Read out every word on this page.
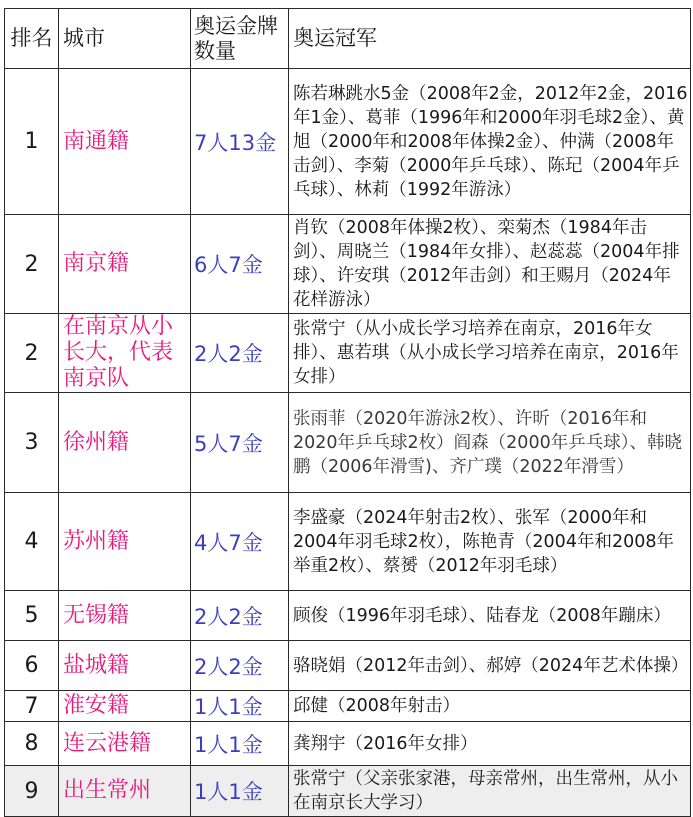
排名	城市	奥运金牌数量	奥运冠军
1	南通籍	7人13金	陈若琳跳水5金（2008年2金，2012年2金，2016年1金）、葛菲（1996年和2000年羽毛球2金）、黄旭（2000年和2008年体操2金）、仲满（2008年击剑）、李菊（2000年乒乓球）、陈玘（2004年乒乓球）、林莉（1992年游泳）
2	南京籍	6人7金	肖钦（2008年体操2枚）、栾菊杰（1984年击剑）、周晓兰（1984年女排）、赵蕊蕊（2004年排球）、许安琪（2012年击剑）和王赐月（2024年花样游泳）
2	在南京从小长大，代表南京队	2人2金	张常宁（从小成长学习培养在南京，2016年女排）、惠若琪（从小成长学习培养在南京，2016年女排）
3	徐州籍	5人7金	张雨菲（2020年游泳2枚）、许昕（2016年和2020年乒乓球2枚）阎森（2000年乒乓球）、韩晓鹏（2006年滑雪)、齐广璞（2022年滑雪）
4	苏州籍	4人7金	李盛豪（2024年射击2枚）、张军（2000年和2004年羽毛球2枚），陈艳青（2004年和2008年举重2枚）、蔡赟（2012年羽毛球）
5	无锡籍	2人2金	顾俊（1996年羽毛球）、陆春龙（2008年蹦床）
6	盐城籍	2人2金	骆晓娟（2012年击剑）、郝婷（2024年艺术体操）
7	淮安籍	1人1金	邱健（2008年射击）
8	连云港籍	1人1金	龚翔宇（2016年女排）
9	出生常州	1人1金	张常宁（父亲张家港，母亲常州，出生常州，从小在南京长大学习）
